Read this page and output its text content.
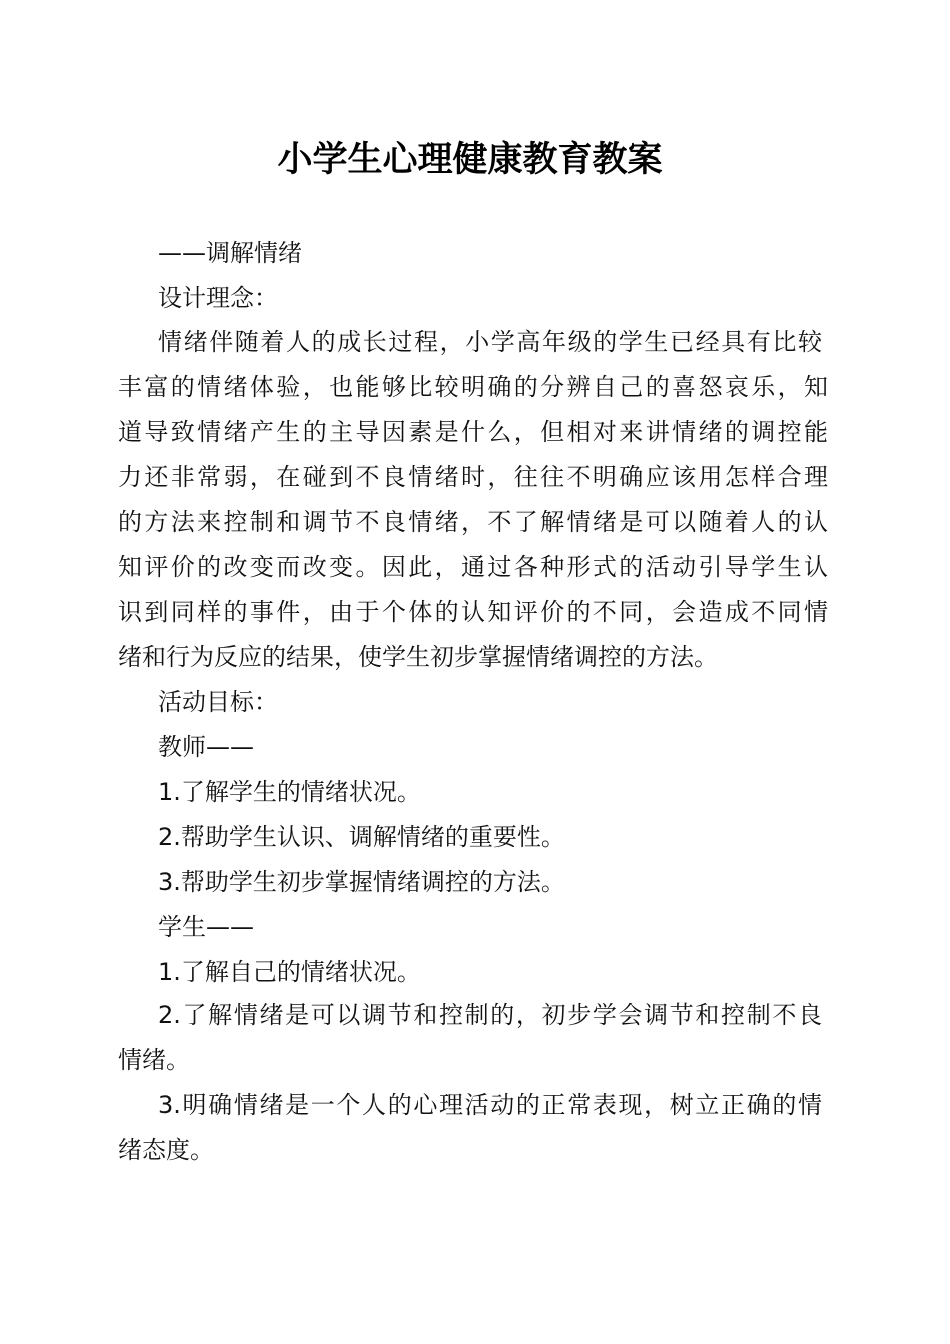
小学生心理健康教育教案
——调解情绪
设计理念：
情绪伴随着人的成长过程，小学高年级的学生已经具有比较
丰富的情绪体验，也能够比较明确的分辨自己的喜怒哀乐，知
道导致情绪产生的主导因素是什么，但相对来讲情绪的调控能
力还非常弱，在碰到不良情绪时，往往不明确应该用怎样合理
的方法来控制和调节不良情绪，不了解情绪是可以随着人的认
知评价的改变而改变。因此，通过各种形式的活动引导学生认
识到同样的事件，由于个体的认知评价的不同，会造成不同情
绪和行为反应的结果，使学生初步掌握情绪调控的方法。
活动目标：
教师——
1.了解学生的情绪状况。
2.帮助学生认识、调解情绪的重要性。
3.帮助学生初步掌握情绪调控的方法。
学生——
1.了解自己的情绪状况。
2.了解情绪是可以调节和控制的，初步学会调节和控制不良
情绪。
3.明确情绪是一个人的心理活动的正常表现，树立正确的情
绪态度。
